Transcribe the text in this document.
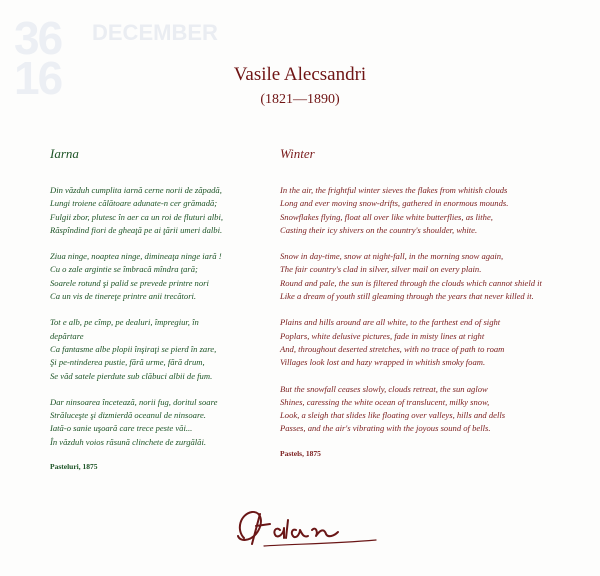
36
16
DECEMBER
Vasile Alecsandri
(1821—1890)
Iarna
Din văzduh cumplita iarnă cerne norii de zăpadă,
Lungi troiene călătoare adunate-n cer grămadă;
Fulgii zbor, plutesc în aer ca un roi de fluturi albi,
Răspîndind fiori de gheaţă pe ai ţării umeri dalbi.
Ziua ninge, noaptea ninge, dimineaţa ninge iară !
Cu o zale argintie se îmbracă mîndra ţară;
Soarele rotund şi palid se prevede printre nori
Ca un vis de tinereţe printre anii trecători.
Tot e alb, pe cîmp, pe dealuri, împregiur, în
depărtare
Ca fantasme albe plopii înşiraţi se pierd în zare,
Şi pe-ntinderea pustie, fără urme, fără drum,
Se văd satele pierdute sub clăbuci albii de fum.
Dar ninsoarea încetează, norii fug, doritul soare
Străluceşte şi dizmierdă oceanul de ninsoare.
Iată-o sanie uşoară care trece peste văi...
În văzduh voios răsună clinchete de zurgălăi.
Pasteluri, 1875
Winter
In the air, the frightful winter sieves the flakes from whitish clouds
Long and ever moving snow-drifts, gathered in enormous mounds.
Snowflakes flying, float all over like white butterflies, as lithe,
Casting their icy shivers on the country's shoulder, white.
Snow in day-time, snow at night-fall, in the morning snow again,
The fair country's clad in silver, silver mail on every plain.
Round and pale, the sun is filtered through the clouds which cannot shield it
Like a dream of youth still gleaming through the years that never killed it.
Plains and hills around are all white, to the farthest end of sight
Poplars, white delusive pictures, fade in misty lines at right
And, throughout deserted stretches, with no trace of path to roam
Villages look lost and hazy wrapped in whitish smoky foam.
But the snowfall ceases slowly, clouds retreat, the sun aglow
Shines, caressing the white ocean of translucent, milky snow,
Look, a sleigh that slides like floating over valleys, hills and dells
Passes, and the air's vibrating with the joyous sound of bells.
Pastels, 1875
